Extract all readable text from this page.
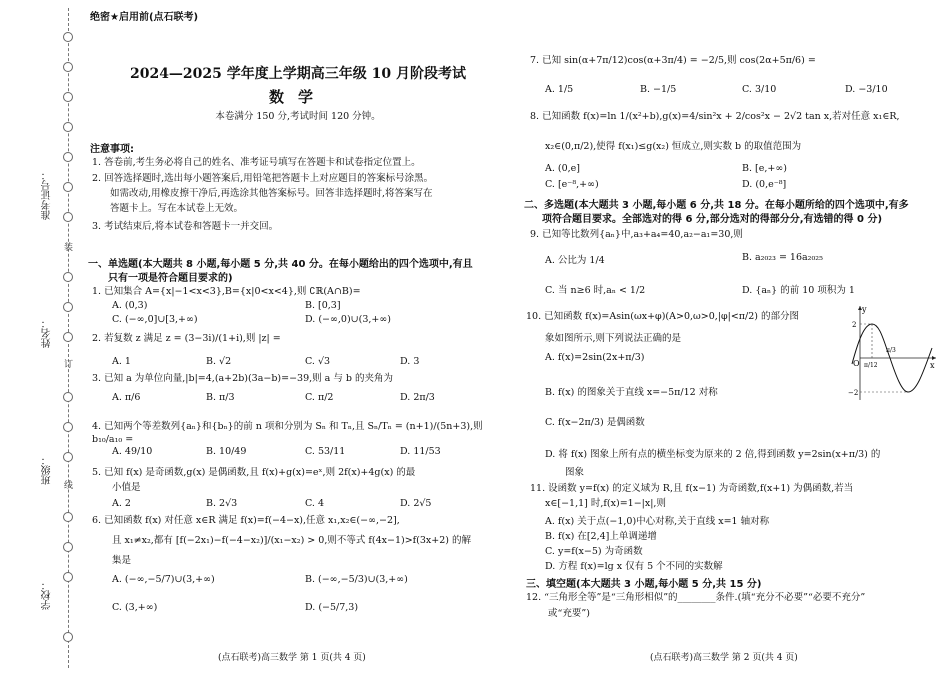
准考证号：
姓名：
班级：
学校：
装
订
线
绝密★启用前(点石联考)
2024—2025 学年度上学期高三年级 10 月阶段考试
数学
本卷满分 150 分,考试时间 120 分钟。
注意事项:
1. 答卷前,考生务必将自己的姓名、准考证号填写在答题卡和试卷指定位置上。
2. 回答选择题时,选出每小题答案后,用铅笔把答题卡上对应题目的答案标号涂黑。
如需改动,用橡皮擦干净后,再选涂其他答案标号。回答非选择题时,将答案写在
答题卡上。写在本试卷上无效。
3. 考试结束后,将本试卷和答题卡一并交回。
一、单选题(本大题共 8 小题,每小题 5 分,共 40 分。在每小题给出的四个选项中,有且
只有一项是符合题目要求的)
1. 已知集合 A={x|−1<x<3},B={x|0<x<4},则 ∁ℝ(A∩B)=
A. (0,3)	B. [0,3]
C. (−∞,0]∪[3,+∞)	D. (−∞,0)∪(3,+∞)
2. 若复数 z 满足 z = (3−3i)/(1+i),则 |z| =
A. 1	B. √2	C. √3	D. 3
3. 已知 a 为单位向量,|b|=4,(a+2b)(3a−b)=−39,则 a 与 b 的夹角为
A. π/6	B. π/3	C. π/2	D. 2π/3
4. 已知两个等差数列{aₙ}和{bₙ}的前 n 项和分别为 Sₙ 和 Tₙ,且 Sₙ/Tₙ = (n+1)/(5n+3),则 b₁₀/a₁₀ =
A. 49/10	B. 10/49	C. 53/11	D. 11/53
5. 已知 f(x) 是奇函数,g(x) 是偶函数,且 f(x)+g(x)=eˣ,则 2f(x)+4g(x) 的最
小值是
A. 2	B. 2√3	C. 4	D. 2√5
6. 已知函数 f(x) 对任意 x∈R 满足 f(x)=f(−4−x),任意 x₁,x₂∈(−∞,−2],
且 x₁≠x₂,都有 [f(−2x₁)−f(−4−x₂)]/(x₁−x₂) > 0,则不等式 f(4x−1)>f(3x+2) 的解
集是
A. (−∞,−5/7)∪(3,+∞)	B. (−∞,−5/3)∪(3,+∞)
C. (3,+∞)	D. (−5/7,3)
(点石联考)高三数学 第 1 页(共 4 页)
7. 已知 sin(α+7π/12)cos(α+3π/4) = −2/5,则 cos(2α+5π/6) =
A. 1/5	B. −1/5	C. 3/10	D. −3/10
8. 已知函数 f(x)=ln 1/(x²+b),g(x)=4/sin²x + 2/cos²x − 2√2 tan x,若对任意 x₁∈R,
x₂∈(0,π/2),使得 f(x₁)≤g(x₂) 恒成立,则实数 b 的取值范围为
A. (0,e]	B. [e,+∞)
C. [e⁻⁸,+∞)	D. (0,e⁻⁸]
二、多选题(本大题共 3 小题,每小题 6 分,共 18 分。在每小题所给的四个选项中,有多
项符合题目要求。全部选对的得 6 分,部分选对的得部分分,有选错的得 0 分)
9. 已知等比数列{aₙ}中,a₃+a₄=40,a₂−a₁=30,则
A. 公比为 1/4	B. a₂₀₂₃ = 16a₂₀₂₅
C. 当 n≥6 时,aₙ < 1/2	D. {aₙ} 的前 10 项积为 1
10. 已知函数 f(x)=Asin(ωx+φ)(A>0,ω>0,|φ|<π/2) 的部分图
象如图所示,则下列说法正确的是
A. f(x)=2sin(2x+π/3)
B. f(x) 的图象关于直线 x=−5π/12 对称
C. f(x−2π/3) 是偶函数
D. 将 f(x) 图象上所有点的横坐标变为原来的 2 倍,得到函数 y=2sin(x+π/3) 的
图象
y
x
O
2
−2
π/12
π/3
11. 设函数 y=f(x) 的定义域为 R,且 f(x−1) 为奇函数,f(x+1) 为偶函数,若当
x∈[−1,1] 时,f(x)=1−|x|,则
A. f(x) 关于点(−1,0)中心对称,关于直线 x=1 轴对称
B. f(x) 在[2,4]上单调递增
C. y=f(x−5) 为奇函数
D. 方程 f(x)=lg x 仅有 5 个不同的实数解
三、填空题(本大题共 3 小题,每小题 5 分,共 15 分)
12. “三角形全等”是“三角形相似”的________条件.(填“充分不必要”“必要不充分”
或“充要”)
(点石联考)高三数学 第 2 页(共 4 页)
